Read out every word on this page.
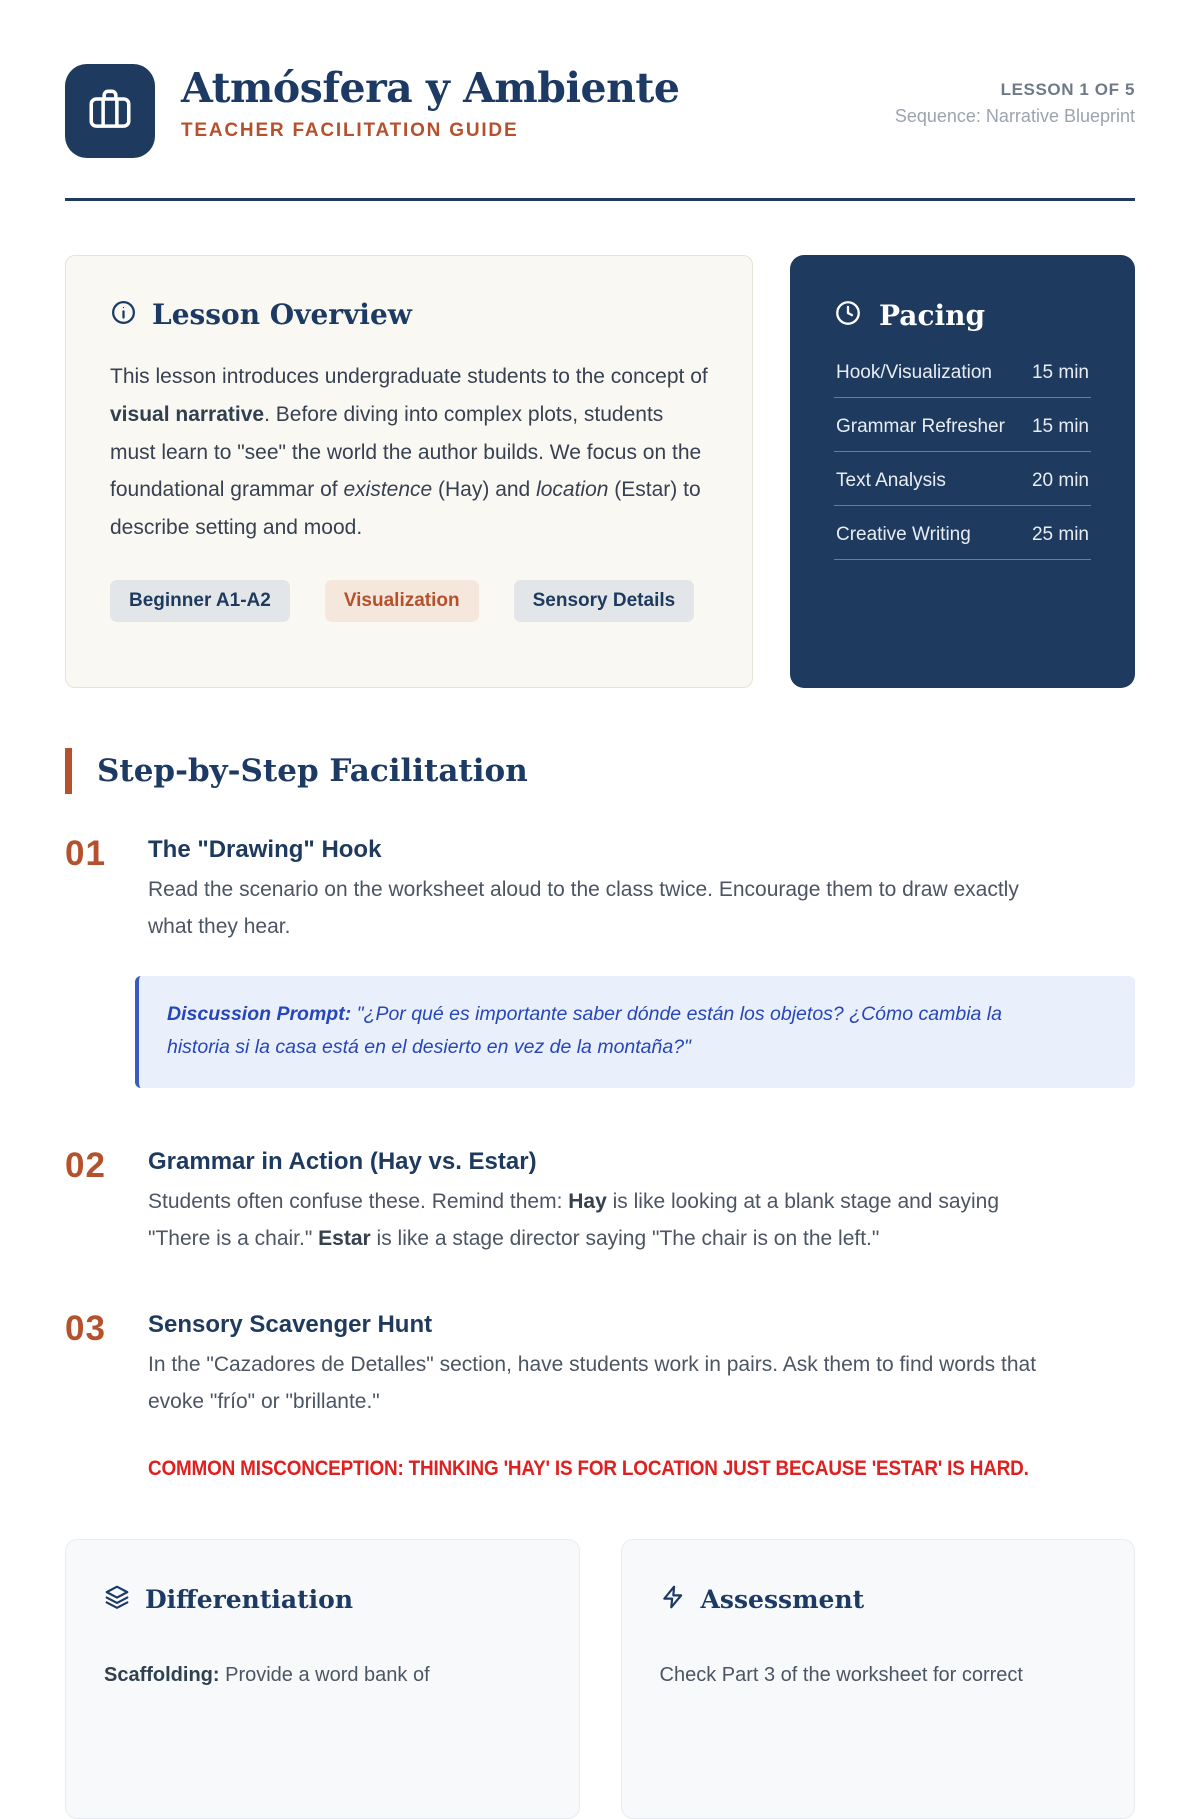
Atmósfera y Ambiente
TEACHER FACILITATION GUIDE
LESSON 1 OF 5
Sequence: Narrative Blueprint
Lesson Overview

This lesson introduces undergraduate students to the concept of visual narrative. Before diving into complex plots, students must learn to "see" the world the author builds. We focus on the foundational grammar of existence (Hay) and location (Estar) to describe setting and mood.

Beginner A1-A2	Visualization	Sensory Details
Pacing
Hook/Visualization 15 min
Grammar Refresher 15 min
Text Analysis	20 min
Creative Writing	25 min
Step-by-Step Facilitation
01	The "Drawing" Hook

Read the scenario on the worksheet aloud to the class twice. Encourage them to draw exactly what they hear.

Discussion Prompt: "¿Por qué es importante saber dónde están los objetos? ¿Cómo cambia la historia si la casa está en el desierto en vez de la montaña?"

02	Grammar in Action (Hay vs. Estar)

Students often confuse these. Remind them: Hay is like looking at a blank stage and saying "There is a chair." Estar is like a stage director saying "The chair is on the left."

03	Sensory Scavenger Hunt

In the "Cazadores de Detalles" section, have students work in pairs. Ask them to find words that evoke "frío" or "brillante."

COMMON MISCONCEPTION: THINKING 'HAY' IS FOR LOCATION JUST BECAUSE 'ESTAR' IS HARD.
Differentiation

Scaffolding: Provide a word bank of

Assessment

Check Part 3 of the worksheet for correct
